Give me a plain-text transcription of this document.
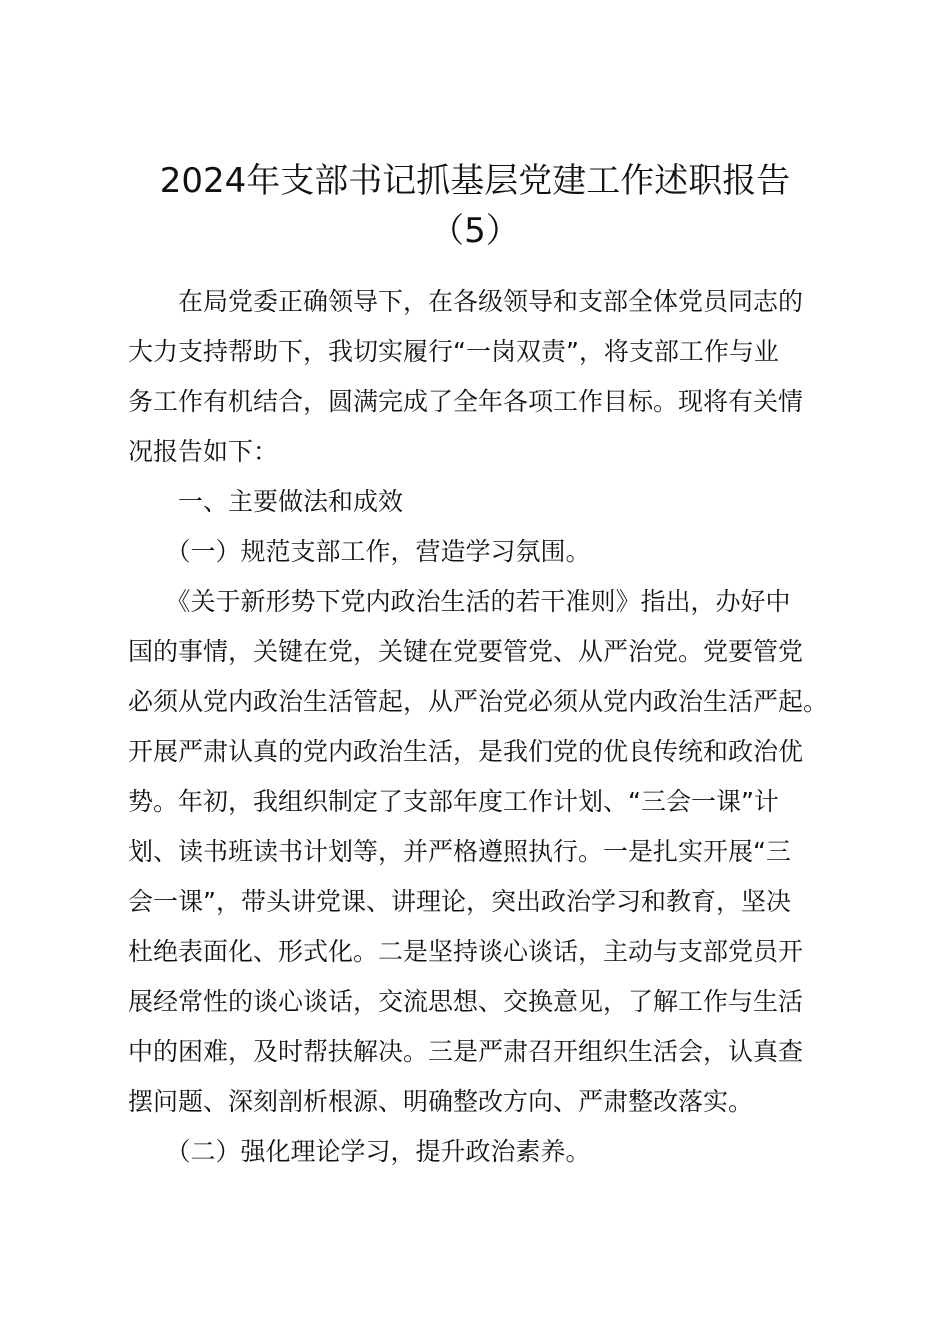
2024年支部书记抓基层党建工作述职报告
（5）
　　在局党委正确领导下，在各级领导和支部全体党员同志的
大力支持帮助下，我切实履行“一岗双责”，将支部工作与业
务工作有机结合，圆满完成了全年各项工作目标。现将有关情
况报告如下：
　　一、主要做法和成效
　　（一）规范支部工作，营造学习氛围。
　　《关于新形势下党内政治生活的若干准则》指出，办好中
国的事情，关键在党，关键在党要管党、从严治党。党要管党
必须从党内政治生活管起，从严治党必须从党内政治生活严起。
开展严肃认真的党内政治生活，是我们党的优良传统和政治优
势。年初，我组织制定了支部年度工作计划、“三会一课”计
划、读书班读书计划等，并严格遵照执行。一是扎实开展“三
会一课”，带头讲党课、讲理论，突出政治学习和教育，坚决
杜绝表面化、形式化。二是坚持谈心谈话，主动与支部党员开
展经常性的谈心谈话，交流思想、交换意见，了解工作与生活
中的困难，及时帮扶解决。三是严肃召开组织生活会，认真查
摆问题、深刻剖析根源、明确整改方向、严肃整改落实。
　　（二）强化理论学习，提升政治素养。
